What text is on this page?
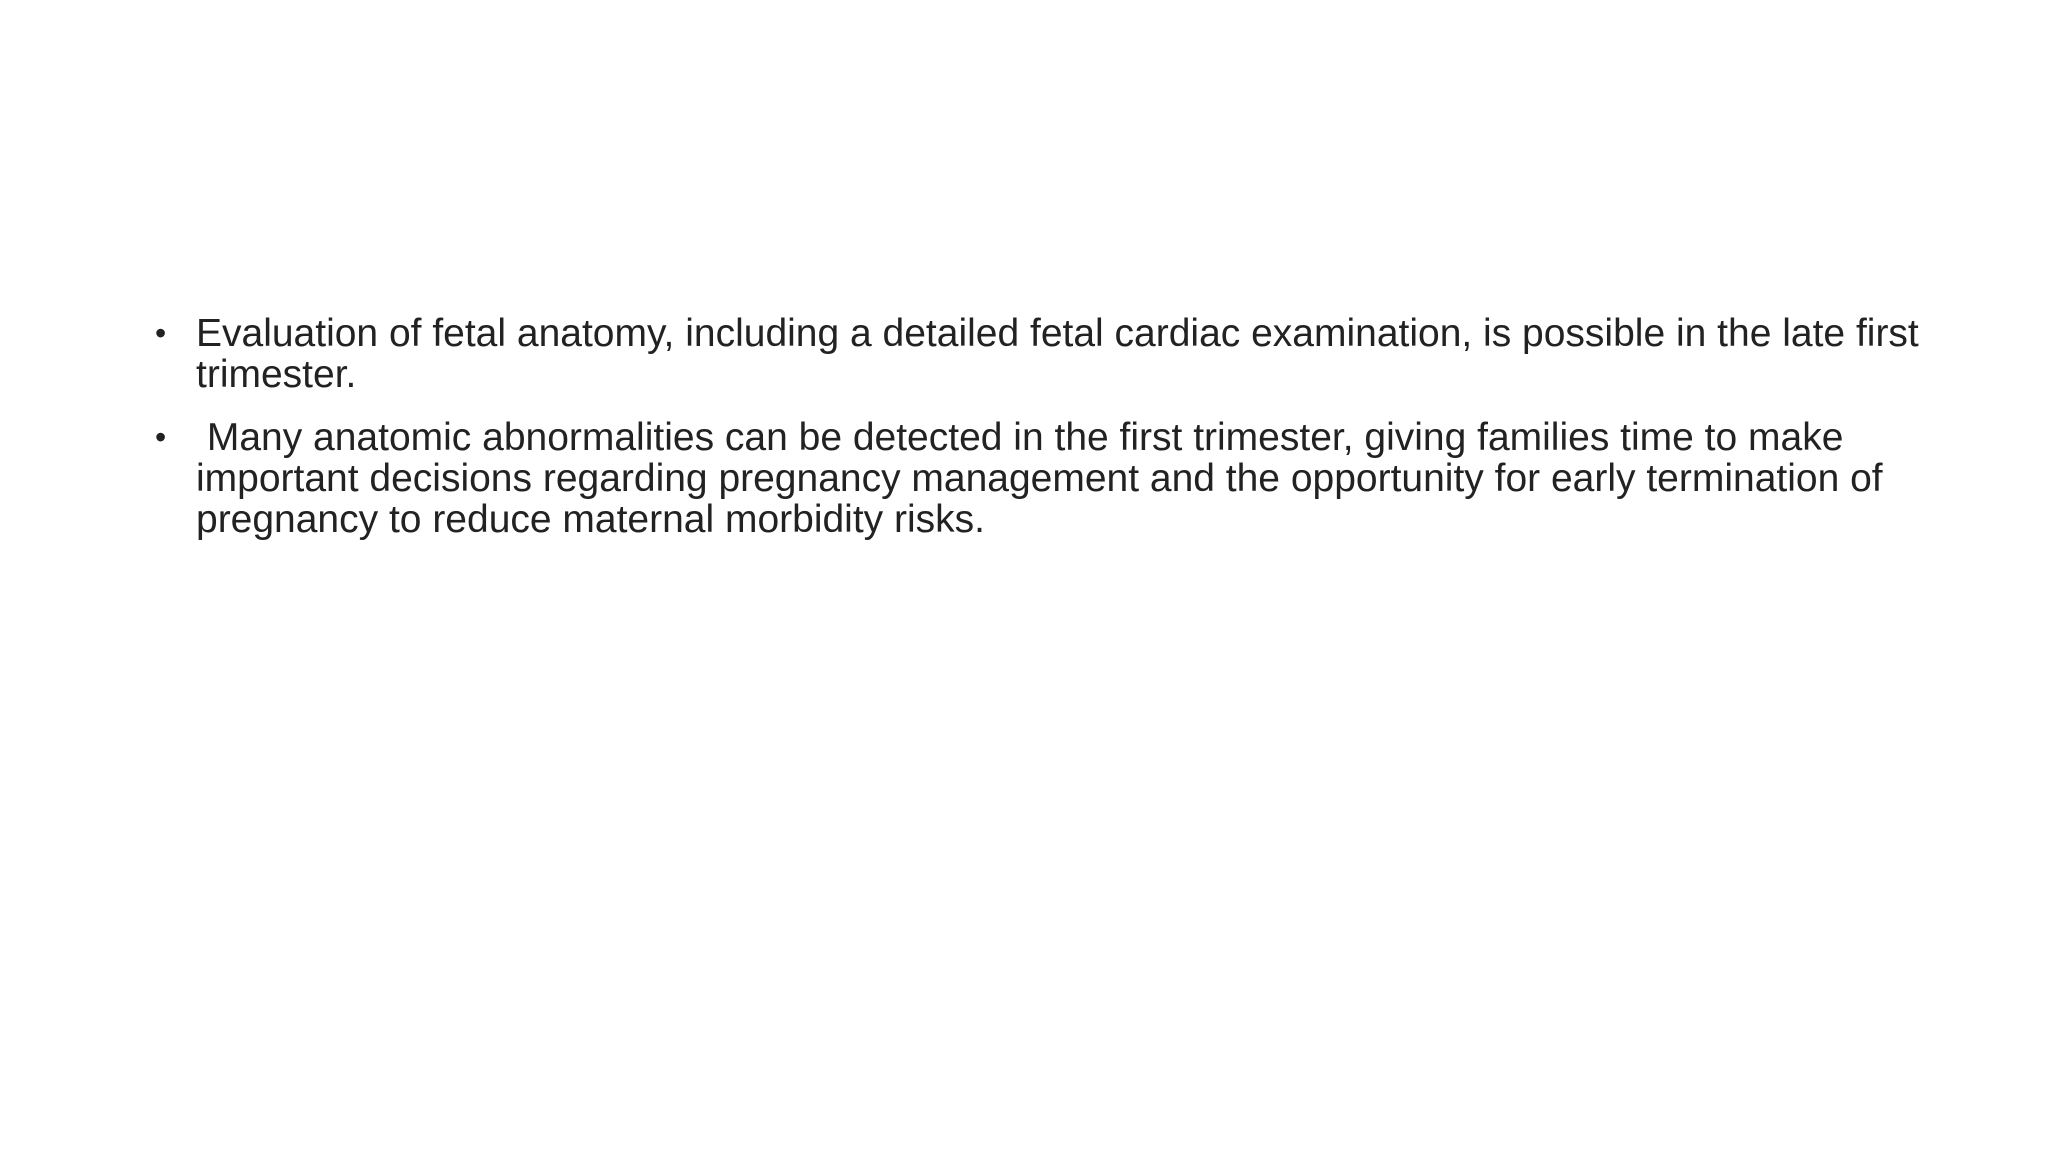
• Evaluation of fetal anatomy, including a detailed fetal cardiac examination, is possible in the late first trimester.
• Many anatomic abnormalities can be detected in the first trimester, giving families time to make important decisions regarding pregnancy management and the opportunity for early termination of pregnancy to reduce maternal morbidity risks.
